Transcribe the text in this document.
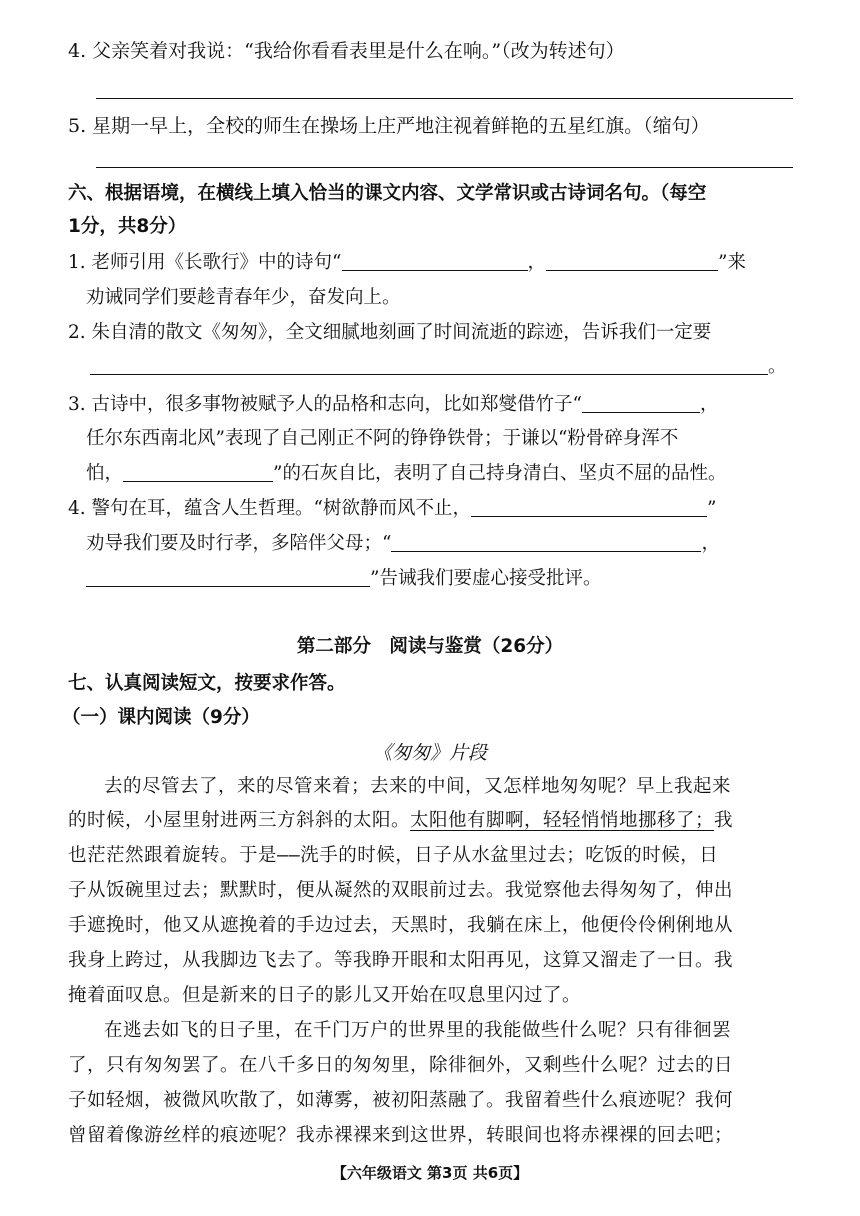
4. 父亲笑着对我说：“我给你看看表里是什么在响。”（改为转述句）
5. 星期一早上，全校的师生在操场上庄严地注视着鲜艳的五星红旗。（缩句）
六、根据语境，在横线上填入恰当的课文内容、文学常识或古诗词名句。（每空
1分，共8分）
1. 老师引用《长歌行》中的诗句“	，	”来
劝诫同学们要趁青春年少，奋发向上。
2. 朱自清的散文《匆匆》，全文细腻地刻画了时间流逝的踪迹，告诉我们一定要
。
3. 古诗中，很多事物被赋予人的品格和志向，比如郑燮借竹子“	，
任尔东西南北风”表现了自己刚正不阿的铮铮铁骨；于谦以“粉骨碎身浑不
怕，	”的石灰自比，表明了自己持身清白、坚贞不屈的品性。
4. 警句在耳，蕴含人生哲理。“树欲静而风不止，	”
劝导我们要及时行孝，多陪伴父母；“	，
”告诫我们要虚心接受批评。
第二部分　阅读与鉴赏（26分）
七、认真阅读短文，按要求作答。
（一）课内阅读（9分）
《匆匆》片段
去的尽管去了，来的尽管来着；去来的中间，又怎样地匆匆呢？早上我起来
的时候，小屋里射进两三方斜斜的太阳。太阳他有脚啊，轻轻悄悄地挪移了；我
也茫茫然跟着旋转。于是——洗手的时候，日子从水盆里过去；吃饭的时候，日
子从饭碗里过去；默默时，便从凝然的双眼前过去。我觉察他去得匆匆了，伸出
手遮挽时，他又从遮挽着的手边过去，天黑时，我躺在床上，他便伶伶俐俐地从
我身上跨过，从我脚边飞去了。等我睁开眼和太阳再见，这算又溜走了一日。我
掩着面叹息。但是新来的日子的影儿又开始在叹息里闪过了。
在逃去如飞的日子里，在千门万户的世界里的我能做些什么呢？只有徘徊罢
了，只有匆匆罢了。在八千多日的匆匆里，除徘徊外，又剩些什么呢？过去的日
子如轻烟，被微风吹散了，如薄雾，被初阳蒸融了。我留着些什么痕迹呢？我何
曾留着像游丝样的痕迹呢？我赤裸裸来到这世界，转眼间也将赤裸裸的回去吧；
【六年级语文 第3页 共6页】
